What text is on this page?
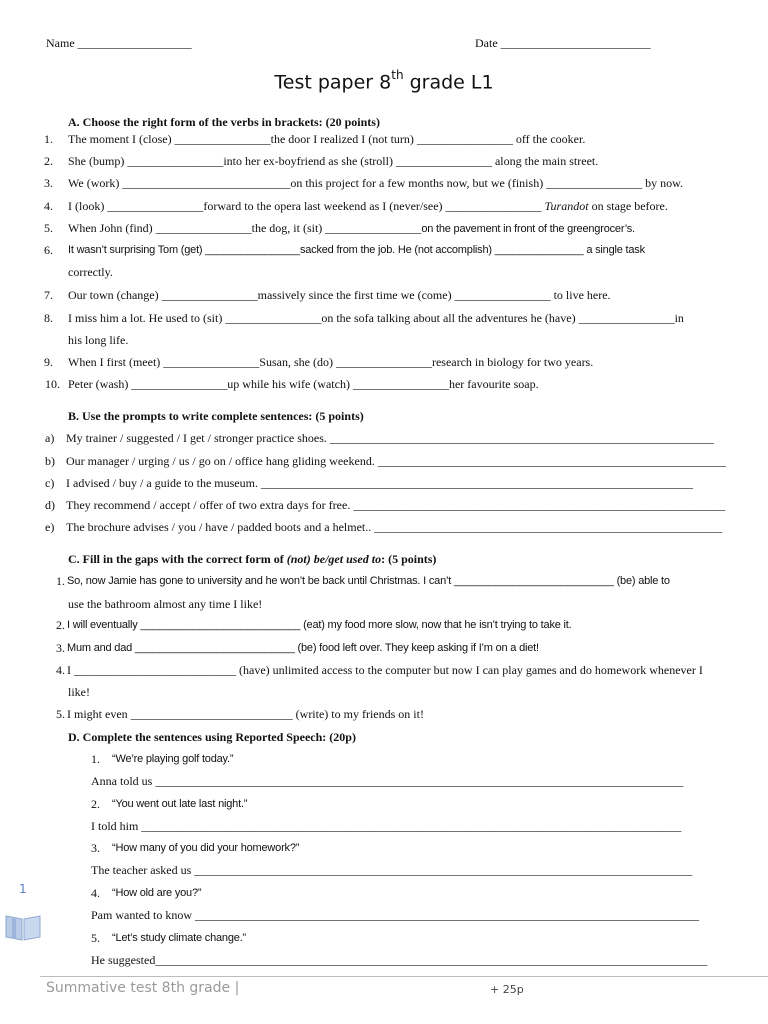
Name ___________________	Date _________________________
Test paper 8th grade L1
A. Choose the right form of the verbs in brackets: (20 points)
1. The moment I (close) ________________the door I realized I (not turn) ________________ off the cooker.
2. She (bump) ________________into her ex-boyfriend as she (stroll) ________________ along the main street.
3. We (work) ____________________________on this project for a few months now, but we (finish) ________________ by now.
4. I (look) ________________forward to the opera last weekend as I (never/see) ________________ Turandot on stage before.
5. When John (find) ________________the dog, it (sit) ________________on the pavement in front of the greengrocer’s.
6. It wasn’t surprising Tom (get) ________________sacked from the job. He (not accomplish) _______________ a single task
correctly.
7. Our town (change) ________________massively since the first time we (come) ________________ to live here.
8. I miss him a lot. He used to (sit) ________________on the sofa talking about all the adventures he (have) ________________in
his long life.
9. When I first (meet) ________________Susan, she (do) ________________research in biology for two years.
10. Peter (wash) ________________up while his wife (watch) ________________her favourite soap.
B. Use the prompts to write complete sentences: (5 points)
a) My trainer / suggested / I get / stronger practice shoes. ________________________________________________________________
b) Our manager / urging / us / go on / office hang gliding weekend. __________________________________________________________
c) I advised / buy / a guide to the museum. ________________________________________________________________________
d) They recommend / accept / offer of two extra days for free. ______________________________________________________________
e) The brochure advises / you / have / padded boots and a helmet.. __________________________________________________________
C. Fill in the gaps with the correct form of (not) be/get used to: (5 points)
1. So, now Jamie has gone to university and he won’t be back until Christmas. I can’t ___________________________ (be) able to
use the bathroom almost any time I like!
2. I will eventually ___________________________ (eat) my food more slow, now that he isn’t trying to take it.
3. Mum and dad ___________________________ (be) food left over. They keep asking if I’m on a diet!
4. I ___________________________ (have) unlimited access to the computer but now I can play games and do homework whenever I
like!
5. I might even ___________________________ (write) to my friends on it!
D. Complete the sentences using Reported Speech: (20p)
1. “We’re playing golf today.”
Anna told us ________________________________________________________________________________________
2. “You went out late last night.”
I told him __________________________________________________________________________________________
3. “How many of you did your homework?”
The teacher asked us ___________________________________________________________________________________
4. “How old are you?”
Pam wanted to know ____________________________________________________________________________________
5. “Let’s study climate change.”
He suggested____________________________________________________________________________________________
1
Summative test 8th grade |	+ 25p
